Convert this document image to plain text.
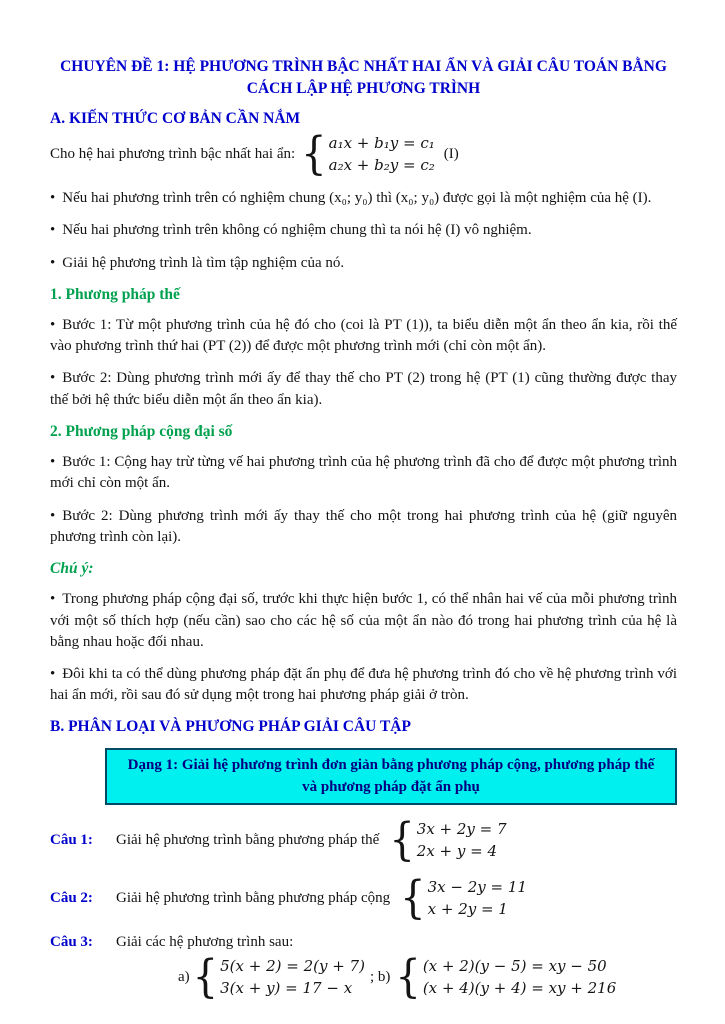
CHUYÊN ĐỀ 1: HỆ PHƯƠNG TRÌNH BẬC NHẤT HAI ẨN VÀ GIẢI CÂU TOÁN BẰNG CÁCH LẬP HỆ PHƯƠNG TRÌNH
A. KIẾN THỨC CƠ BẢN CẦN NẮM
Cho hệ hai phương trình bậc nhất hai ẩn: { a₁x + b₁y = c₁
a₂x + b₂y = c₂
(I)
• Nếu hai phương trình trên có nghiệm chung (x₀; y₀) thì (x₀; y₀) được gọi là một nghiệm của hệ (I).
• Nếu hai phương trình trên không có nghiệm chung thì ta nói hệ (I) vô nghiệm.
• Giải hệ phương trình là tìm tập nghiệm của nó.
1. Phương pháp thế
• Bước 1: Từ một phương trình của hệ đó cho (coi là PT (1)), ta biểu diễn một ẩn theo ẩn kia, rồi thế vào phương trình thứ hai (PT (2)) để được một phương trình mới (chỉ còn một ẩn).
• Bước 2: Dùng phương trình mới ấy để thay thế cho PT (2) trong hệ (PT (1) cũng thường được thay thế bởi hệ thức biểu diễn một ẩn theo ẩn kia).
2. Phương pháp cộng đại số
• Bước 1: Cộng hay trừ từng vế hai phương trình của hệ phương trình đã cho để được một phương trình mới chỉ còn một ẩn.
• Bước 2: Dùng phương trình mới ấy thay thế cho một trong hai phương trình của hệ (giữ nguyên phương trình còn lại).
Chú ý:
• Trong phương pháp cộng đại số, trước khi thực hiện bước 1, có thể nhân hai vế của mỗi phương trình với một số thích hợp (nếu cần) sao cho các hệ số của một ẩn nào đó trong hai phương trình của hệ là bằng nhau hoặc đối nhau.
• Đôi khi ta có thể dùng phương pháp đặt ẩn phụ để đưa hệ phương trình đó cho về hệ phương trình với hai ẩn mới, rồi sau đó sử dụng một trong hai phương pháp giải ở tròn.
B. PHÂN LOẠI VÀ PHƯƠNG PHÁP GIẢI CÂU TẬP
Dạng 1: Giải hệ phương trình đơn giản bằng phương pháp cộng, phương pháp thế và phương pháp đặt ẩn phụ
Câu 1:	Giải hệ phương trình bằng phương pháp thế { 3x + 2y = 7
2x + y = 4
Câu 2:	Giải hệ phương trình bằng phương pháp cộng { 3x − 2y = 11
x + 2y = 1
Câu 3:	Giải các hệ phương trình sau:
a) { 5(x + 2) = 2(y + 7)
3(x + y) = 17 − x
; b) { (x + 2)(y − 5) = xy − 50
(x + 4)(y + 4) = xy + 216
